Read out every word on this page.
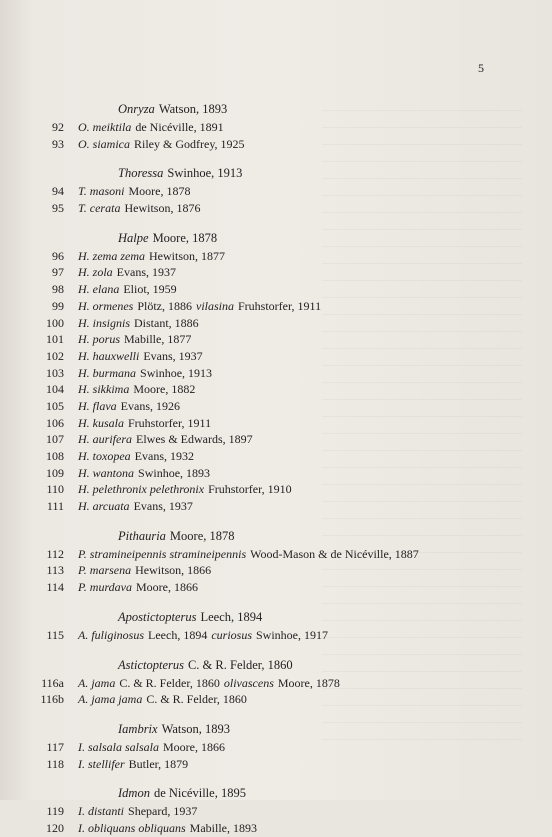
5
Onryza Watson, 1893
92	O. meiktila de Nicéville, 1891
93	O. siamica Riley & Godfrey, 1925
Thoressa Swinhoe, 1913
94	T. masoni Moore, 1878
95	T. cerata Hewitson, 1876
Halpe Moore, 1878
96	H. zema zema Hewitson, 1877
97	H. zola Evans, 1937
98	H. elana Eliot, 1959
99	H. ormenes Plötz, 1886 vilasina Fruhstorfer, 1911
100	H. insignis Distant, 1886
101	H. porus Mabille, 1877
102	H. hauxwelli Evans, 1937
103	H. burmana Swinhoe, 1913
104	H. sikkima Moore, 1882
105	H. flava Evans, 1926
106	H. kusala Fruhstorfer, 1911
107	H. aurifera Elwes & Edwards, 1897
108	H. toxopea Evans, 1932
109	H. wantona Swinhoe, 1893
110	H. pelethronix pelethronix Fruhstorfer, 1910
111	H. arcuata Evans, 1937
Pithauria Moore, 1878
112	P. stramineipennis stramineipennis Wood-Mason & de Nicéville, 1887
113	P. marsena Hewitson, 1866
114	P. murdava Moore, 1866
Apostictopterus Leech, 1894
115	A. fuliginosus Leech, 1894 curiosus Swinhoe, 1917
Astictopterus C. & R. Felder, 1860
116a	A. jama C. & R. Felder, 1860 olivascens Moore, 1878
116b	A. jama jama C. & R. Felder, 1860
Iambrix Watson, 1893
117	I. salsala salsala Moore, 1866
118	I. stellifer Butler, 1879
Idmon de Nicéville, 1895
119	I. distanti Shepard, 1937
120	I. obliquans obliquans Mabille, 1893
